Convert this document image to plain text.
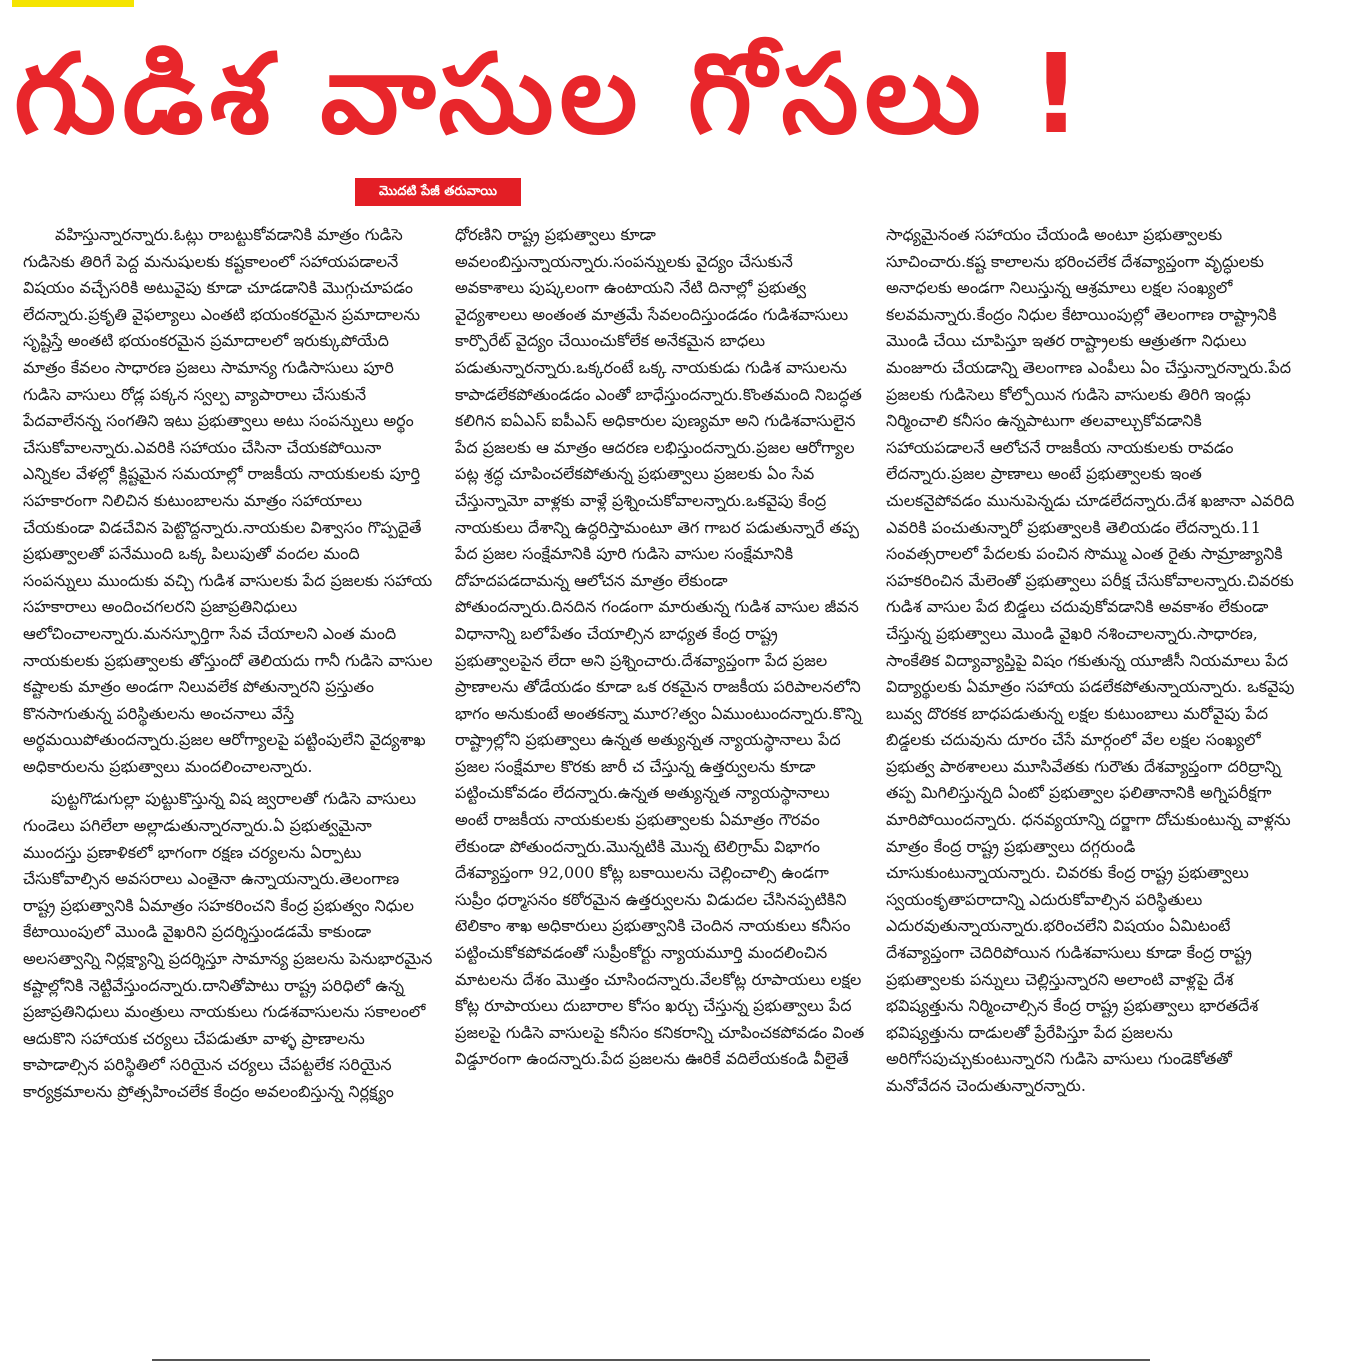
గుడిశ వాసుల గోసలు !
మొదటి పేజీ తరువాయి

వహిస్తున్నారన్నారు.ఓట్లు రాబట్టుకోవడానికి మాత్రం గుడిసె గుడిసెకు తిరిగే పెద్ద మనుషులకు కష్టకాలంలో సహాయపడాలనే విషయం వచ్చేసరికి అటువైపు కూడా చూడడానికి మొగ్గుచూపడం లేదన్నారు.ప్రకృతి వైఫల్యాలు ఎంతటి భయంకరమైన ప్రమాదాలను సృష్టిస్తే అంతటి భయంకరమైన ప్రమాదాలలో ఇరుక్కుపోయేది మాత్రం కేవలం సాధారణ ప్రజలు సామాన్య గుడిసాసులు పూరి గుడిసె వాసులు రోడ్ల పక్కన స్వల్ప వ్యాపారాలు చేసుకునే పేదవాలేనన్న సంగతిని ఇటు ప్రభుత్వాలు అటు సంపన్నులు అర్థం చేసుకోవాలన్నారు.ఎవరికి సహాయం చేసినా చేయకపోయినా ఎన్నికల వేళల్లో క్లిష్టమైన సమయాల్లో రాజకీయ నాయకులకు పూర్తి సహకారంగా నిలిచిన కుటుంబాలను మాత్రం సహాయాలు చేయకుండా విడచేవిన పెట్టొద్దన్నారు.నాయకుల విశ్వాసం గొప్పదైతే ప్రభుత్వాలతో పనేముంది ఒక్క పిలుపుతో వందల మంది సంపన్నులు ముందుకు వచ్చి గుడిశ వాసులకు పేద ప్రజలకు సహాయ సహకారాలు అందించగలరని ప్రజాప్రతినిధులు ఆలోచించాలన్నారు.మనస్ఫూర్తిగా సేవ చేయాలని ఎంత మంది నాయకులకు ప్రభుత్వాలకు తోస్తుందో తెలియదు గానీ గుడిసె వాసుల కష్టాలకు మాత్రం అండగా నిలువలేక పోతున్నారని ప్రస్తుతం కొనసాగుతున్న పరిస్థితులను అంచనాలు వేస్తే అర్థమయిపోతుందన్నారు.ప్రజల ఆరోగ్యాలపై పట్టింపులేని వైద్యశాఖ అధికారులను ప్రభుత్వాలు మందలించాలన్నారు.

పుట్టగొడుగుల్లా పుట్టుకొస్తున్న విష జ్వరాలతో గుడిసె వాసులు గుండెలు పగిలేలా అల్లాడుతున్నారన్నారు.ఏ ప్రభుత్వమైనా ముందస్తు ప్రణాళికలో భాగంగా రక్షణ చర్యలను ఏర్పాటు చేసుకోవాల్సిన అవసరాలు ఎంతైనా ఉన్నాయన్నారు.తెలంగాణ రాష్ట్ర ప్రభుత్వానికి ఏమాత్రం సహకరించని కేంద్ర ప్రభుత్వం నిధుల కేటాయింపులో మొండి వైఖరిని ప్రదర్శిస్తుండడమే కాకుండా అలసత్వాన్ని నిర్లక్ష్యాన్ని ప్రదర్శిస్తూ సామాన్య ప్రజలను పెనుభారమైన కష్టాల్లోనికి నెట్టివేస్తుందన్నారు.దానితోపాటు రాష్ట్ర పరిధిలో ఉన్న ప్రజాప్రతినిధులు మంత్రులు నాయకులు గుడశవాసులను సకాలంలో ఆదుకొని సహాయక చర్యలు చేపడుతూ వాళ్ళ ప్రాణాలను కాపాడాల్సిన పరిస్థితిలో సరియైన చర్యలు చేపట్టలేక సరియైన కార్యక్రమాలను ప్రోత్సహించలేక కేంద్రం అవలంబిస్తున్న నిర్లక్ష్యం

ధోరణిని రాష్ట్ర ప్రభుత్వాలు కూడా అవలంబిస్తున్నాయన్నారు.సంపన్నులకు వైద్యం చేసుకునే అవకాశాలు పుష్కలంగా ఉంటాయని నేటి దినాల్లో ప్రభుత్వ వైద్యశాలలు అంతంత మాత్రమే సేవలందిస్తుండడం గుడిశవాసులు కార్పొరేట్ వైద్యం చేయించుకోలేక అనేకమైన బాధలు పడుతున్నారన్నారు.ఒక్కరంటే ఒక్క నాయకుడు గుడిశ వాసులను కాపాడలేకపోతుండడం ఎంతో బాధేస్తుందన్నారు.కొంతమంది నిబద్ధత కలిగిన ఐఏఎస్ ఐపీఎస్ అధికారుల పుణ్యమా అని గుడిశవాసులైన పేద ప్రజలకు ఆ మాత్రం ఆదరణ లభిస్తుందన్నారు.ప్రజల ఆరోగ్యాల పట్ల శ్రద్ధ చూపించలేకపోతున్న ప్రభుత్వాలు ప్రజలకు ఏం సేవ చేస్తున్నామో వాళ్లకు వాళ్లే ప్రశ్నించుకోవాలన్నారు.ఒకవైపు కేంద్ర నాయకులు దేశాన్ని ఉద్ధరిస్తామంటూ తెగ గాబర పడుతున్నారే తప్ప పేద ప్రజల సంక్షేమానికి పూరి గుడిసె వాసుల సంక్షేమానికి దోహదపడదామన్న ఆలోచన మాత్రం లేకుండా పోతుందన్నారు.దినదిన గండంగా మారుతున్న గుడిశ వాసుల జీవన విధానాన్ని బలోపేతం చేయాల్సిన బాధ్యత కేంద్ర రాష్ట్ర ప్రభుత్వాలపైన లేదా అని ప్రశ్నించారు.దేశవ్యాప్తంగా పేద ప్రజల ప్రాణాలను తోడేయడం కూడా ఒక రకమైన రాజకీయ పరిపాలనలోని భాగం అనుకుంటే అంతకన్నా మూర?త్వం ఏముంటుందన్నారు.కొన్ని రాష్ట్రాల్లోని ప్రభుత్వాలు ఉన్నత అత్యున్నత న్యాయస్థానాలు పేద ప్రజల సంక్షేమాల కొరకు జారీ చ చేస్తున్న ఉత్తర్వులను కూడా పట్టించుకోవడం లేదన్నారు.ఉన్నత అత్యున్నత న్యాయస్థానాలు అంటే రాజకీయ నాయకులకు ప్రభుత్వాలకు ఏమాత్రం గౌరవం లేకుండా పోతుందన్నారు.మొన్నటికి మొన్న టెలిగ్రామ్ విభాగం దేశవ్యాప్తంగా 92,000 కోట్ల బకాయిలను చెల్లించాల్సి ఉండగా సుప్రీం ధర్మాసనం కఠోరమైన ఉత్తర్వులను విడుదల చేసినప్పటికిని టెలికాం శాఖ అధికారులు ప్రభుత్వానికి చెందిన నాయకులు కనీసం పట్టించుకోకపోవడంతో సుప్రీంకోర్టు న్యాయమూర్తి మందలించిన మాటలను దేశం మొత్తం చూసిందన్నారు.వేలకోట్ల రూపాయలు లక్షల కోట్ల రూపాయలు దుబారాల కోసం ఖర్చు చేస్తున్న ప్రభుత్వాలు పేద ప్రజలపై గుడిసె వాసులపై కనీసం కనికరాన్ని చూపించకపోవడం వింత విడ్డూరంగా ఉందన్నారు.పేద ప్రజలను ఊరికే వదిలేయకండి వీలైతే

సాధ్యమైనంత సహాయం చేయండి అంటూ ప్రభుత్వాలకు సూచించారు.కష్ట కాలాలను భరించలేక దేశవ్యాప్తంగా వృద్ధులకు అనాధలకు అండగా నిలుస్తున్న ఆశ్రమాలు లక్షల సంఖ్యలో కలవమన్నారు.కేంద్రం నిధుల కేటాయింపుల్లో తెలంగాణ రాష్ట్రానికి మొండి చేయి చూపిస్తూ ఇతర రాష్ట్రాలకు ఆత్రుతగా నిధులు మంజూరు చేయడాన్ని తెలంగాణ ఎంపీలు ఏం చేస్తున్నారన్నారు.పేద ప్రజలకు గుడిసెలు కోల్పోయిన గుడిసె వాసులకు తిరిగి ఇండ్లు నిర్మించాలి కనీసం ఉన్నపాటుగా తలవాల్చుకోవడానికి సహాయపడాలనే ఆలోచనే రాజకీయ నాయకులకు రావడం లేదన్నారు.ప్రజల ప్రాణాలు అంటే ప్రభుత్వాలకు ఇంత చులకనైపోవడం మునుపెన్నడు చూడలేదన్నారు.దేశ ఖజానా ఎవరిది ఎవరికి పంచుతున్నారో ప్రభుత్వాలకి తెలియడం లేదన్నారు.11 సంవత్సరాలలో పేదలకు పంచిన సొమ్ము ఎంత రైతు సామ్రాజ్యానికి సహకరించిన మేలెంతో ప్రభుత్వాలు పరీక్ష చేసుకోవాలన్నారు.చివరకు గుడిశ వాసుల పేద బిడ్డలు చదువుకోవడానికి అవకాశం లేకుండా చేస్తున్న ప్రభుత్వాలు మొండి వైఖరి నశించాలన్నారు.సాధారణ, సాంకేతిక విద్యావ్యాప్తిపై విషం గకుతున్న యూజీసీ నియమాలు పేద విద్యార్థులకు ఏమాత్రం సహాయ పడలేకపోతున్నాయన్నారు. ఒకవైపు బువ్వ దొరకక బాధపడుతున్న లక్షల కుటుంబాలు మరోవైపు పేద బిడ్డలకు చదువును దూరం చేసే మార్గంలో వేల లక్షల సంఖ్యలో ప్రభుత్వ పాఠశాలలు మూసివేతకు గురౌతు దేశవ్యాప్తంగా దరిద్రాన్ని తప్ప మిగిలిస్తున్నది ఏంటో ప్రభుత్వాల ఫలితానానికి అగ్నిపరీక్షగా మారిపోయిందన్నారు. ధనవ్యయాన్ని దర్జాగా దోచుకుంటున్న వాళ్లను మాత్రం కేంద్ర రాష్ట్ర ప్రభుత్వాలు దగ్గరుండి చూసుకుంటున్నాయన్నారు. చివరకు కేంద్ర రాష్ట్ర ప్రభుత్వాలు స్వయంకృతాపరాదాన్ని ఎదురుకోవాల్సిన పరిస్థితులు ఎదురవుతున్నాయన్నారు.భరించలేని విషయం ఏమిటంటే దేశవ్యాప్తంగా చెదిరిపోయిన గుడిశవాసులు కూడా కేంద్ర రాష్ట్ర ప్రభుత్వాలకు పన్నులు చెల్లిస్తున్నారని అలాంటి వాళ్లపై దేశ భవిష్యత్తును నిర్మించాల్సిన కేంద్ర రాష్ట్ర ప్రభుత్వాలు భారతదేశ భవిష్యత్తును దాడులతో ప్రేరేపిస్తూ పేద ప్రజలను అరిగోసపుచ్చుకుంటున్నారని గుడిసె వాసులు గుండెకోతతో మనోవేదన చెందుతున్నారన్నారు.
